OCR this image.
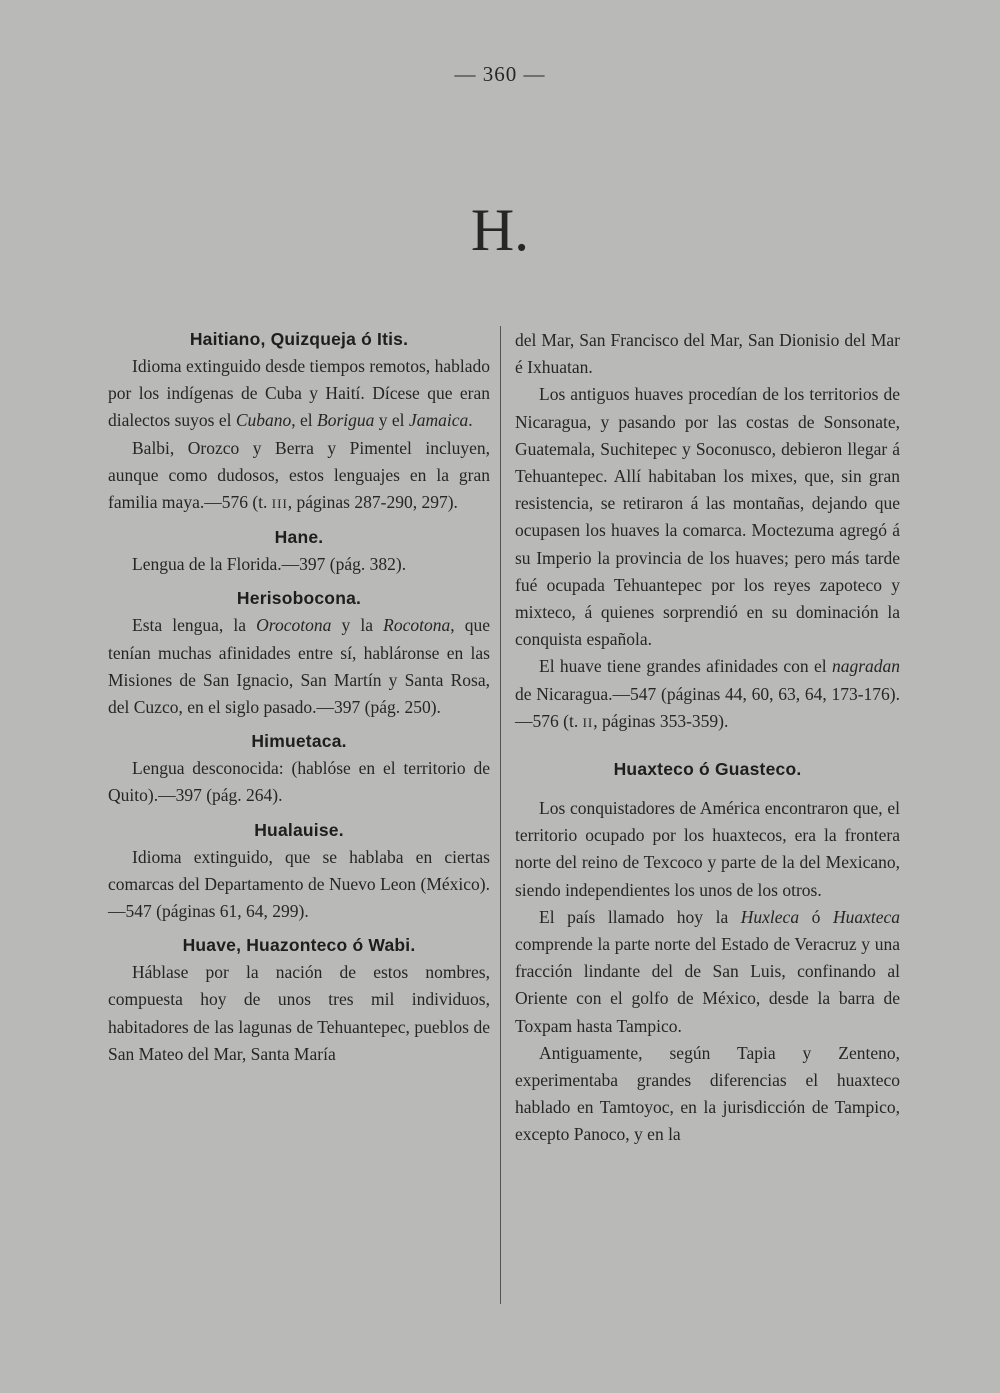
— 360 —
H.
Haitiano, Quizqueja ó Itis.

Idioma extinguido desde tiempos remotos, hablado por los indígenas de Cuba y Haití. Dícese que eran dialectos suyos el Cubano, el Borigua y el Jamaica.

Balbi, Orozco y Berra y Pimentel incluyen, aunque como dudosos, estos lenguajes en la gran familia maya.—576 (t. III, páginas 287-290, 297).

Hane.

Lengua de la Florida.—397 (pág. 382).

Herisobocona.

Esta lengua, la Orocotona y la Rocotona, que tenían muchas afinidades entre sí, habláronse en las Misiones de San Ignacio, San Martín y Santa Rosa, del Cuzco, en el siglo pasado.—397 (pág. 250).

Himuetaca.

Lengua desconocida: (hablóse en el territorio de Quito).—397 (pág. 264).

Hualauise.

Idioma extinguido, que se hablaba en ciertas comarcas del Departamento de Nuevo Leon (México).—547 (páginas 61, 64, 299).

Huave, Huazonteco ó Wabi.

Háblase por la nación de estos nombres, compuesta hoy de unos tres mil individuos, habitadores de las lagunas de Tehuantepec, pueblos de San Mateo del Mar, Santa María

del Mar, San Francisco del Mar, San Dionisio del Mar é Ixhuatan.

Los antiguos huaves procedían de los territorios de Nicaragua, y pasando por las costas de Sonsonate, Guatemala, Suchitepec y Soconusco, debieron llegar á Tehuantepec. Allí habitaban los mixes, que, sin gran resistencia, se retiraron á las montañas, dejando que ocupasen los huaves la comarca. Moctezuma agregó á su Imperio la provincia de los huaves; pero más tarde fué ocupada Tehuantepec por los reyes zapoteco y mixteco, á quienes sorprendió en su dominación la conquista española.

El huave tiene grandes afinidades con el nagradan de Nicaragua.—547 (páginas 44, 60, 63, 64, 173-176).—576 (t. II, páginas 353-359).

Huaxteco ó Guasteco.

Los conquistadores de América encontraron que, el territorio ocupado por los huaxtecos, era la frontera norte del reino de Texcoco y parte de la del Mexicano, siendo independientes los unos de los otros.

El país llamado hoy la Huxleca ó Huaxteca comprende la parte norte del Estado de Veracruz y una fracción lindante del de San Luis, confinando al Oriente con el golfo de México, desde la barra de Toxpam hasta Tampico.

Antiguamente, según Tapia y Zenteno, experimentaba grandes diferencias el huaxteco hablado en Tamtoyoc, en la jurisdicción de Tampico, excepto Panoco, y en la
